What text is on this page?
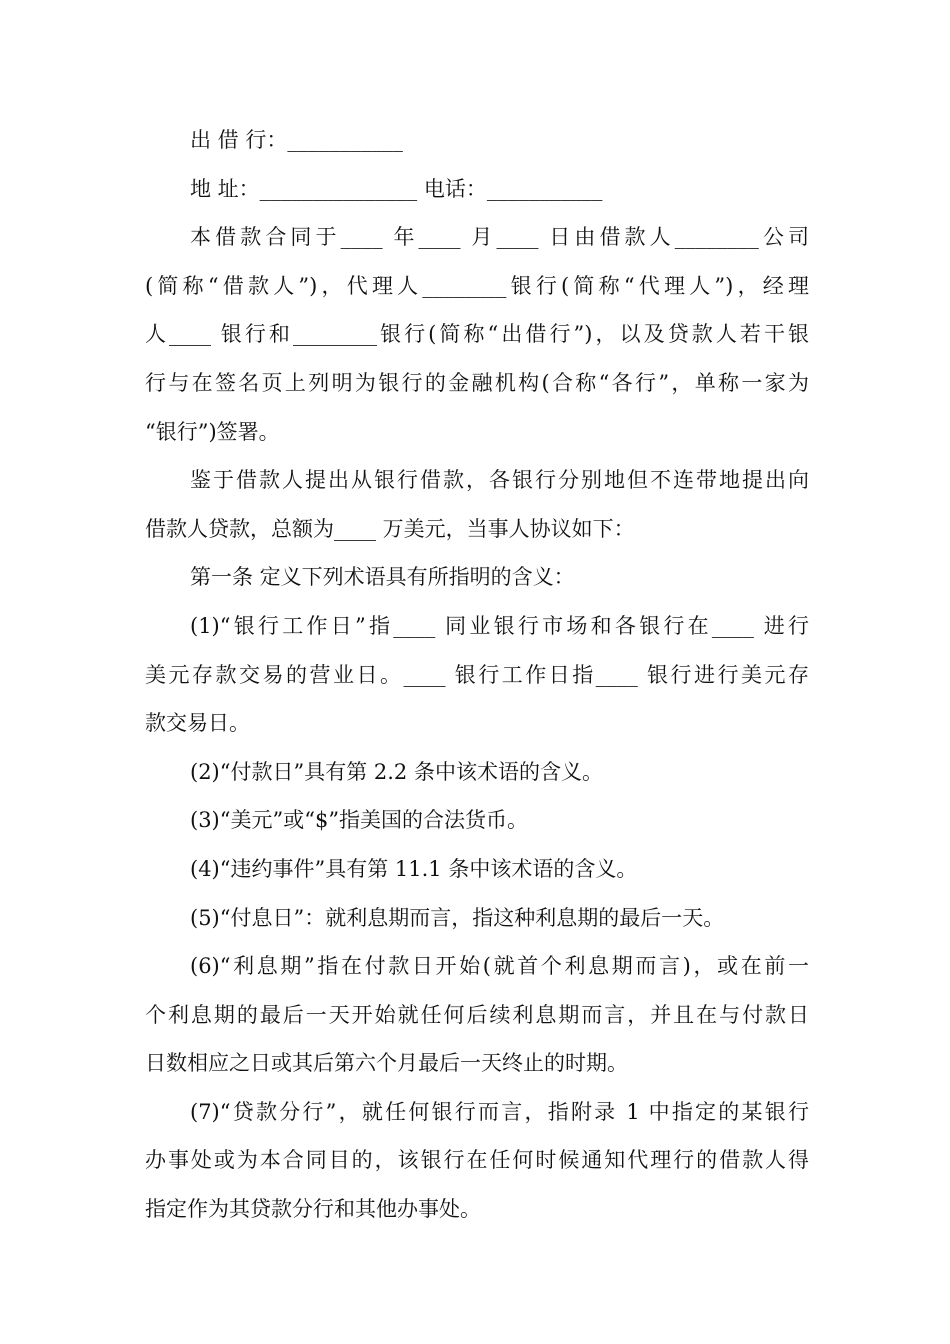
出 借 行：___________
地 址：_______________ 电话：___________
本借款合同于____ 年____ 月____ 日由借款人________公司
(简称“借款人”)，代理人________银行(简称“代理人”)，经理
人____ 银行和________银行(简称“出借行”)，以及贷款人若干银
行与在签名页上列明为银行的金融机构(合称“各行”，单称一家为
“银行”)签署。
鉴于借款人提出从银行借款，各银行分别地但不连带地提出向
借款人贷款，总额为____ 万美元，当事人协议如下：
第一条 定义下列术语具有所指明的含义：
(1)“银行工作日”指____ 同业银行市场和各银行在____ 进行
美元存款交易的营业日。____ 银行工作日指____ 银行进行美元存
款交易日。
(2)“付款日”具有第 2.2 条中该术语的含义。
(3)“美元”或“$”指美国的合法货币。
(4)“违约事件”具有第 11.1 条中该术语的含义。
(5)“付息日”：就利息期而言，指这种利息期的最后一天。
(6)“利息期”指在付款日开始(就首个利息期而言)，或在前一
个利息期的最后一天开始就任何后续利息期而言，并且在与付款日
日数相应之日或其后第六个月最后一天终止的时期。
(7)“贷款分行”，就任何银行而言，指附录 1 中指定的某银行
办事处或为本合同目的，该银行在任何时候通知代理行的借款人得
指定作为其贷款分行和其他办事处。
